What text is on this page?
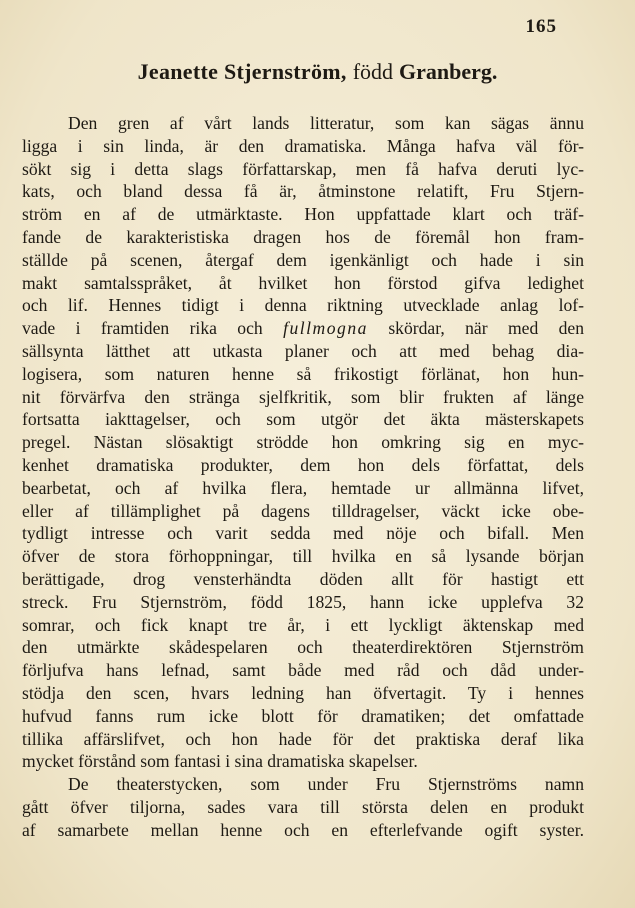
165
Jeanette Stjernström, född Granberg.
Den gren af vårt lands litteratur, som kan sägas ännu
ligga i sin linda, är den dramatiska. Många hafva väl för-
sökt sig i detta slags författarskap, men få hafva deruti lyc-
kats, och bland dessa få är, åtminstone relatift, Fru Stjern-
ström en af de utmärktaste. Hon uppfattade klart och träf-
fande de karakteristiska dragen hos de föremål hon fram-
ställde på scenen, återgaf dem igenkänligt och hade i sin
makt samtalsspråket, åt hvilket hon förstod gifva ledighet
och lif. Hennes tidigt i denna riktning utvecklade anlag lof-
vade i framtiden rika och fullmogna skördar, när med den
sällsynta lätthet att utkasta planer och att med behag dia-
logisera, som naturen henne så frikostigt förlänat, hon hun-
nit förvärfva den stränga sjelfkritik, som blir frukten af länge
fortsatta iakttagelser, och som utgör det äkta mästerskapets
pregel. Nästan slösaktigt strödde hon omkring sig en myc-
kenhet dramatiska produkter, dem hon dels författat, dels
bearbetat, och af hvilka flera, hemtade ur allmänna lifvet,
eller af tillämplighet på dagens tilldragelser, väckt icke obe-
tydligt intresse och varit sedda med nöje och bifall. Men
öfver de stora förhoppningar, till hvilka en så lysande början
berättigade, drog vensterhändta döden allt för hastigt ett
streck. Fru Stjernström, född 1825, hann icke upplefva 32
somrar, och fick knapt tre år, i ett lyckligt äktenskap med
den utmärkte skådespelaren och theaterdirektören Stjernström
förljufva hans lefnad, samt både med råd och dåd under-
stödja den scen, hvars ledning han öfvertagit. Ty i hennes
hufvud fanns rum icke blott för dramatiken; det omfattade
tillika affärslifvet, och hon hade för det praktiska deraf lika
mycket förstånd som fantasi i sina dramatiska skapelser.
De theaterstycken, som under Fru Stjernströms namn
gått öfver tiljorna, sades vara till största delen en produkt
af samarbete mellan henne och en efterlefvande ogift syster.
